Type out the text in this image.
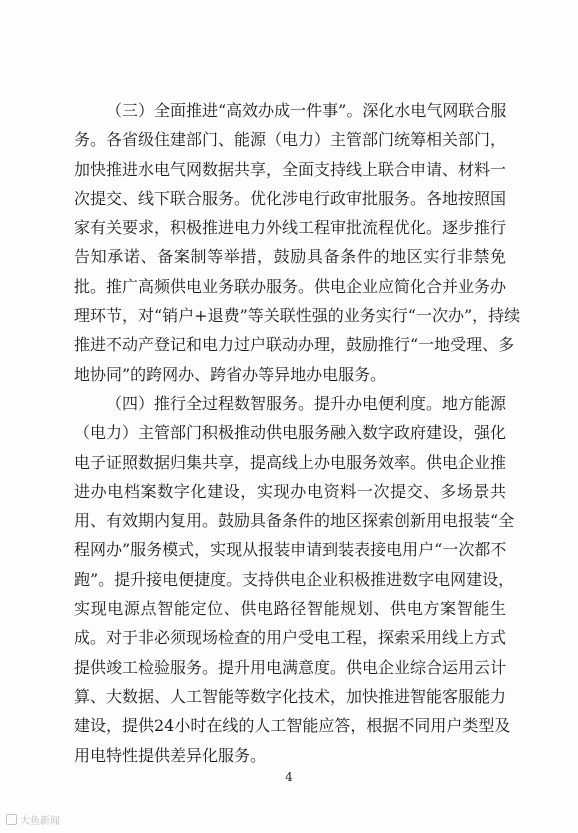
（三）全面推进“高效办成一件事”。深化水电气网联合服
务。各省级住建部门、能源（电力）主管部门统筹相关部门，
加快推进水电气网数据共享，全面支持线上联合申请、材料一
次提交、线下联合服务。优化涉电行政审批服务。各地按照国
家有关要求，积极推进电力外线工程审批流程优化。逐步推行
告知承诺、备案制等举措，鼓励具备条件的地区实行非禁免
批。推广高频供电业务联办服务。供电企业应简化合并业务办
理环节，对“销户+退费”等关联性强的业务实行“一次办”，持续
推进不动产登记和电力过户联动办理，鼓励推行“一地受理、多
地协同”的跨网办、跨省办等异地办电服务。
（四）推行全过程数智服务。提升办电便利度。地方能源
（电力）主管部门积极推动供电服务融入数字政府建设，强化
电子证照数据归集共享，提高线上办电服务效率。供电企业推
进办电档案数字化建设，实现办电资料一次提交、多场景共
用、有效期内复用。鼓励具备条件的地区探索创新用电报装“全
程网办”服务模式，实现从报装申请到装表接电用户“一次都不
跑”。提升接电便捷度。支持供电企业积极推进数字电网建设，
实现电源点智能定位、供电路径智能规划、供电方案智能生
成。对于非必须现场检查的用户受电工程，探索采用线上方式
提供竣工检验服务。提升用电满意度。供电企业综合运用云计
算、大数据、人工智能等数字化技术，加快推进智能客服能力
建设，提供24小时在线的人工智能应答，根据不同用户类型及
用电特性提供差异化服务。
4
大鱼新闻
